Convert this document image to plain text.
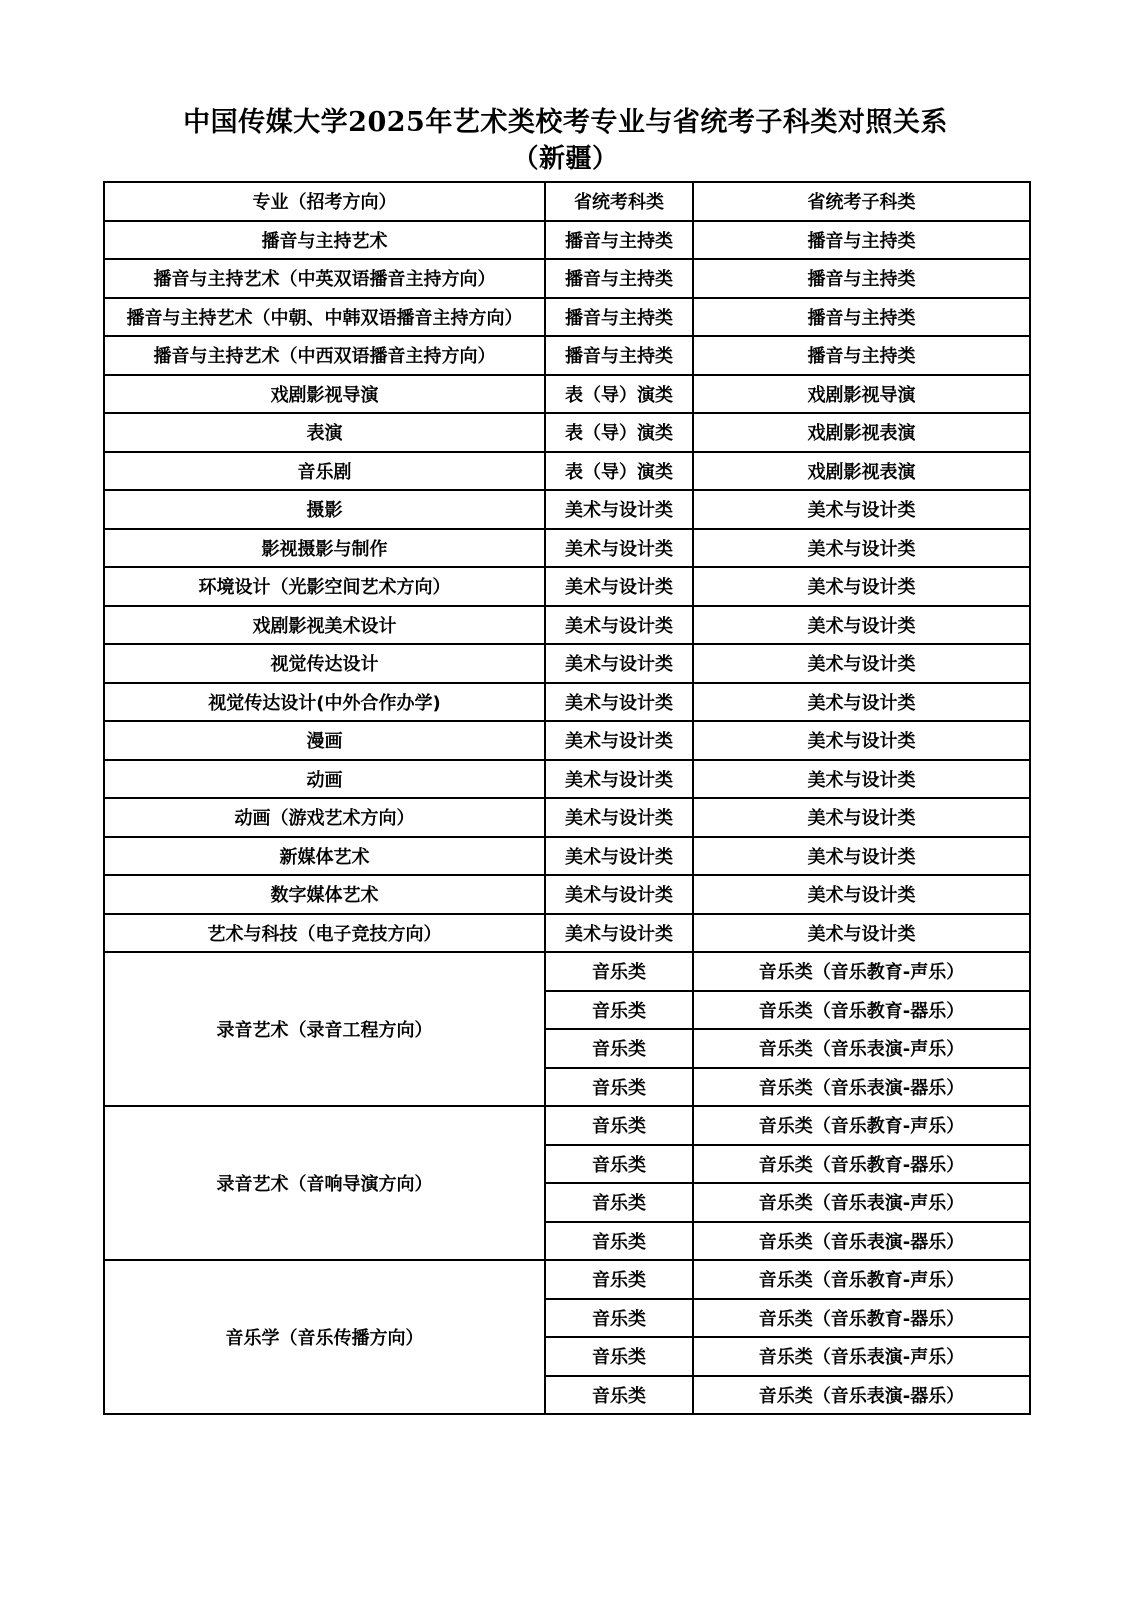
中国传媒大学2025年艺术类校考专业与省统考子科类对照关系
（新疆）
专业（招考方向）	省统考科类	省统考子科类
播音与主持艺术	播音与主持类	播音与主持类
播音与主持艺术（中英双语播音主持方向）	播音与主持类	播音与主持类
播音与主持艺术（中朝、中韩双语播音主持方向）	播音与主持类	播音与主持类
播音与主持艺术（中西双语播音主持方向）	播音与主持类	播音与主持类
戏剧影视导演	表（导）演类	戏剧影视导演
表演	表（导）演类	戏剧影视表演
音乐剧	表（导）演类	戏剧影视表演
摄影	美术与设计类	美术与设计类
影视摄影与制作	美术与设计类	美术与设计类
环境设计（光影空间艺术方向）	美术与设计类	美术与设计类
戏剧影视美术设计	美术与设计类	美术与设计类
视觉传达设计	美术与设计类	美术与设计类
视觉传达设计(中外合作办学)	美术与设计类	美术与设计类
漫画	美术与设计类	美术与设计类
动画	美术与设计类	美术与设计类
动画（游戏艺术方向）	美术与设计类	美术与设计类
新媒体艺术	美术与设计类	美术与设计类
数字媒体艺术	美术与设计类	美术与设计类
艺术与科技（电子竞技方向）	美术与设计类	美术与设计类
录音艺术（录音工程方向）	音乐类	音乐类（音乐教育-声乐）
	音乐类	音乐类（音乐教育-器乐）
	音乐类	音乐类（音乐表演-声乐）
	音乐类	音乐类（音乐表演-器乐）
录音艺术（音响导演方向）	音乐类	音乐类（音乐教育-声乐）
	音乐类	音乐类（音乐教育-器乐）
	音乐类	音乐类（音乐表演-声乐）
	音乐类	音乐类（音乐表演-器乐）
音乐学（音乐传播方向）	音乐类	音乐类（音乐教育-声乐）
	音乐类	音乐类（音乐教育-器乐）
	音乐类	音乐类（音乐表演-声乐）
	音乐类	音乐类（音乐表演-器乐）
